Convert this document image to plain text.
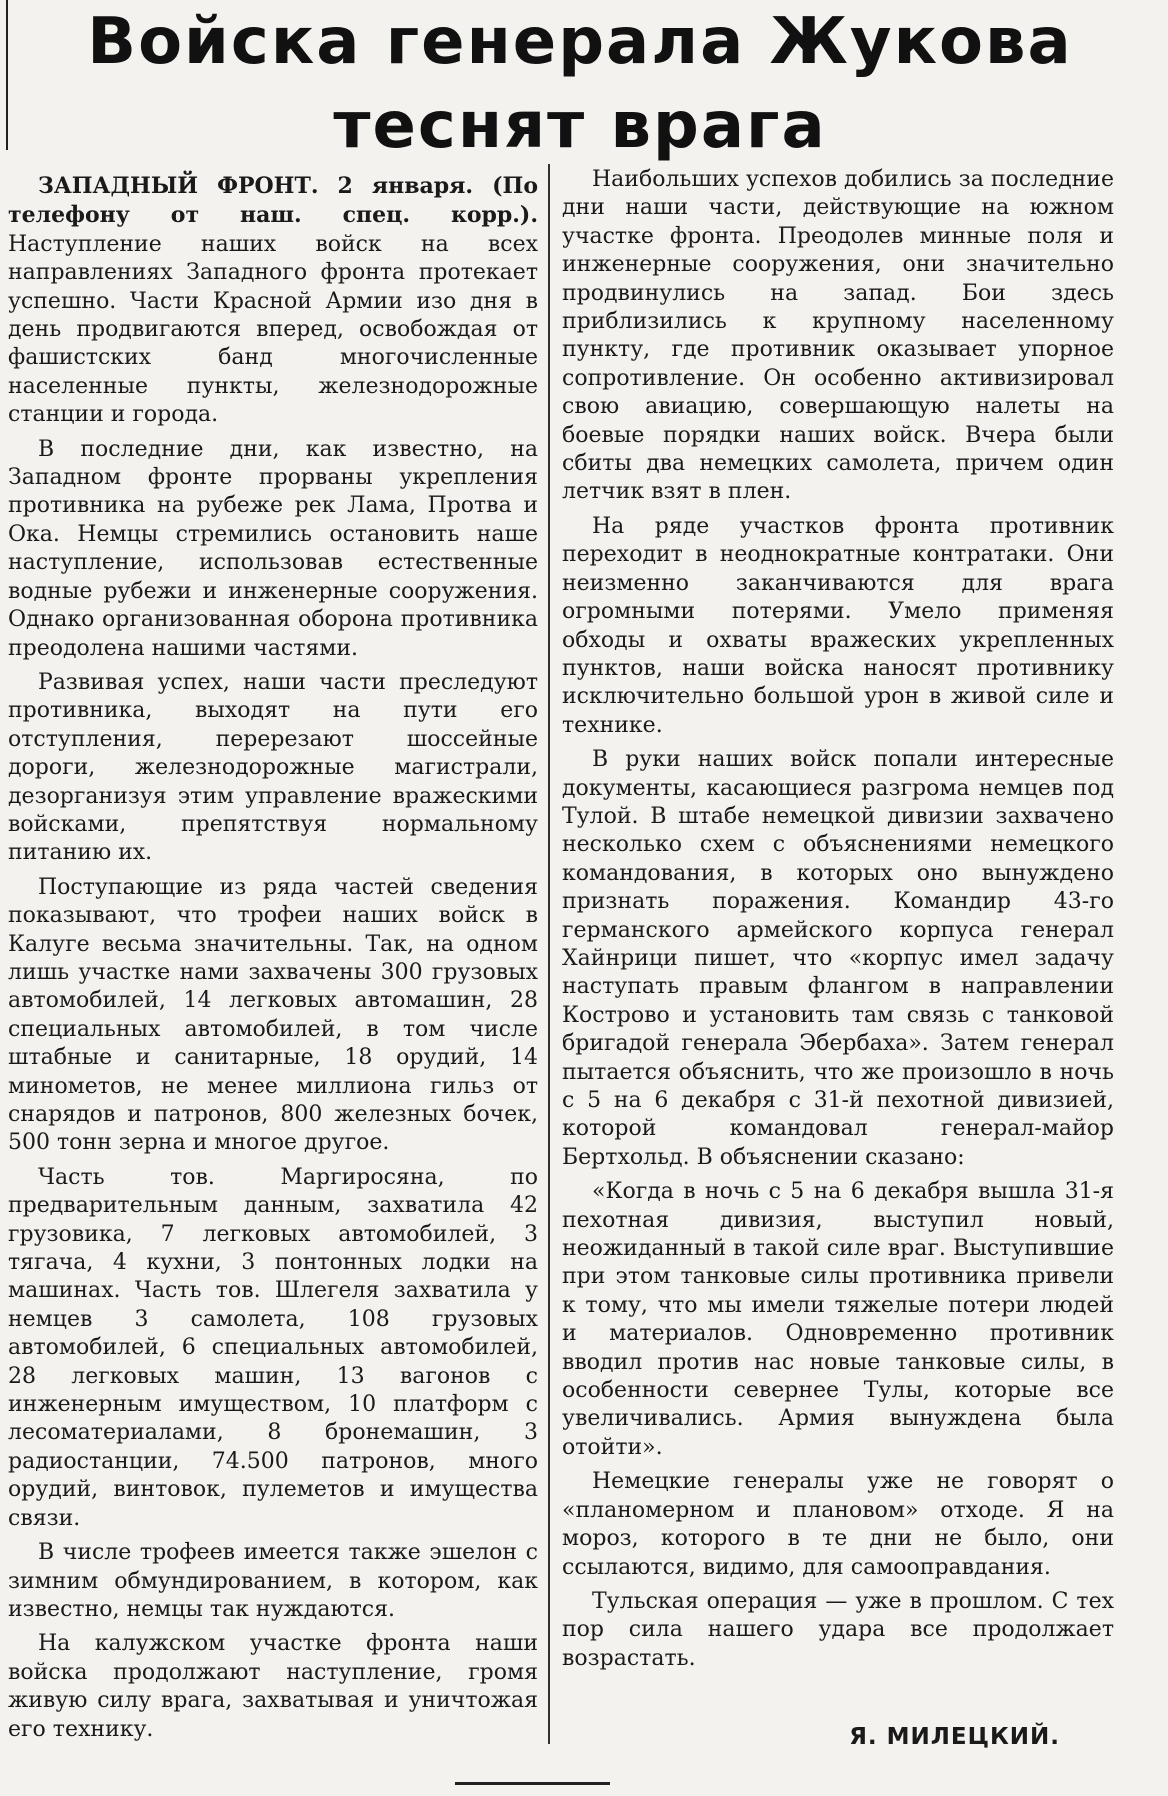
Войска генерала Жукова
теснят врага

ЗАПАДНЫЙ ФРОНТ. 2 января. (По телефону от наш. спец. корр.). Наступление наших войск на всех направлениях Западного фронта протекает успешно. Части Красной Армии изо дня в день продвигаются вперед, освобождая от фашистских банд многочисленные населенные пункты, железнодорожные станции и города.

В последние дни, как известно, на Западном фронте прорваны укрепления противника на рубеже рек Лама, Протва и Ока. Немцы стремились остановить наше наступление, использовав естественные водные рубежи и инженерные сооружения. Однако организованная оборона противника преодолена нашими частями.

Развивая успех, наши части преследуют противника, выходят на пути его отступления, перерезают шоссейные дороги, железнодорожные магистрали, дезорганизуя этим управление вражескими войсками, препятствуя нормальному питанию их.

Поступающие из ряда частей сведения показывают, что трофеи наших войск в Калуге весьма значительны. Так, на одном лишь участке нами захвачены 300 грузовых автомобилей, 14 легковых автомашин, 28 специальных автомобилей, в том числе штабные и санитарные, 18 орудий, 14 минометов, не менее миллиона гильз от снарядов и патронов, 800 железных бочек, 500 тонн зерна и многое другое.

Часть тов. Маргиросяна, по предварительным данным, захватила 42 грузовика, 7 легковых автомобилей, 3 тягача, 4 кухни, 3 понтонных лодки на машинах. Часть тов. Шлегеля захватила у немцев 3 самолета, 108 грузовых автомобилей, 6 специальных автомобилей, 28 легковых машин, 13 вагонов с инженерным имуществом, 10 платформ с лесоматериалами, 8 бронемашин, 3 радиостанции, 74.500 патронов, много орудий, винтовок, пулеметов и имущества связи.

В числе трофеев имеется также эшелон с зимним обмундированием, в котором, как известно, немцы так нуждаются.

На калужском участке фронта наши войска продолжают наступление, громя живую силу врага, захватывая и уничтожая его технику.

Наибольших успехов добились за последние дни наши части, действующие на южном участке фронта. Преодолев минные поля и инженерные сооружения, они значительно продвинулись на запад. Бои здесь приблизились к крупному населенному пункту, где противник оказывает упорное сопротивление. Он особенно активизировал свою авиацию, совершающую налеты на боевые порядки наших войск. Вчера были сбиты два немецких самолета, причем один летчик взят в плен.

На ряде участков фронта противник переходит в неоднократные контратаки. Они неизменно заканчиваются для врага огромными потерями. Умело применяя обходы и охваты вражеских укрепленных пунктов, наши войска наносят противнику исключительно большой урон в живой силе и технике.

В руки наших войск попали интересные документы, касающиеся разгрома немцев под Тулой. В штабе немецкой дивизии захвачено несколько схем с объяснениями немецкого командования, в которых оно вынуждено признать поражения. Командир 43-го германского армейского корпуса генерал Хайнрици пишет, что «корпус имел задачу наступать правым флангом в направлении Кострово и установить там связь с танковой бригадой генерала Эбербаха». Затем генерал пытается объяснить, что же произошло в ночь с 5 на 6 декабря с 31-й пехотной дивизией, которой командовал генерал-майор Бертхольд. В объяснении сказано:

«Когда в ночь с 5 на 6 декабря вышла 31-я пехотная дивизия, выступил новый, неожиданный в такой силе враг. Выступившие при этом танковые силы противника привели к тому, что мы имели тяжелые потери людей и материалов. Одновременно противник вводил против нас новые танковые силы, в особенности севернее Тулы, которые все увеличивались. Армия вынуждена была отойти».

Немецкие генералы уже не говорят о «планомерном и плановом» отходе. Я на мороз, которого в те дни не было, они ссылаются, видимо, для самооправдания.

Тульская операция — уже в прошлом. С тех пор сила нашего удара все продолжает возрастать.

Я. МИЛЕЦКИЙ.
